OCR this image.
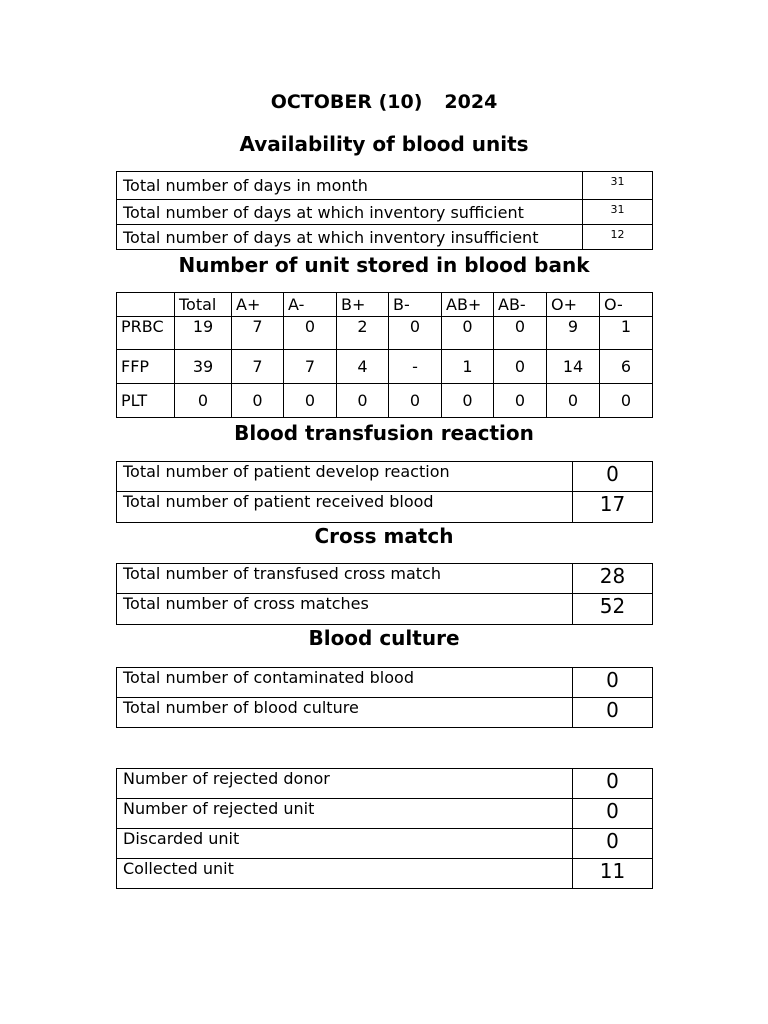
OCTOBER (10) 2024
Availability of blood units
Total number of days in month	31
Total number of days at which inventory sufficient	31
Total number of days at which inventory insufficient	12
Number of unit stored in blood bank
	Total	A+	A-	B+	B-	AB+	AB-	O+	O-
PRBC	19	7	0	2	0	0	0	9	1
FFP	39	7	7	4	-	1	0	14	6
PLT	0	0	0	0	0	0	0	0	0
Blood transfusion reaction
Total number of patient develop reaction	0
Total number of patient received blood	17
Cross match
Total number of transfused cross match	28
Total number of cross matches	52
Blood culture
Total number of contaminated blood	0
Total number of blood culture	0
Number of rejected donor	0
Number of rejected unit	0
Discarded unit	0
Collected unit	11
